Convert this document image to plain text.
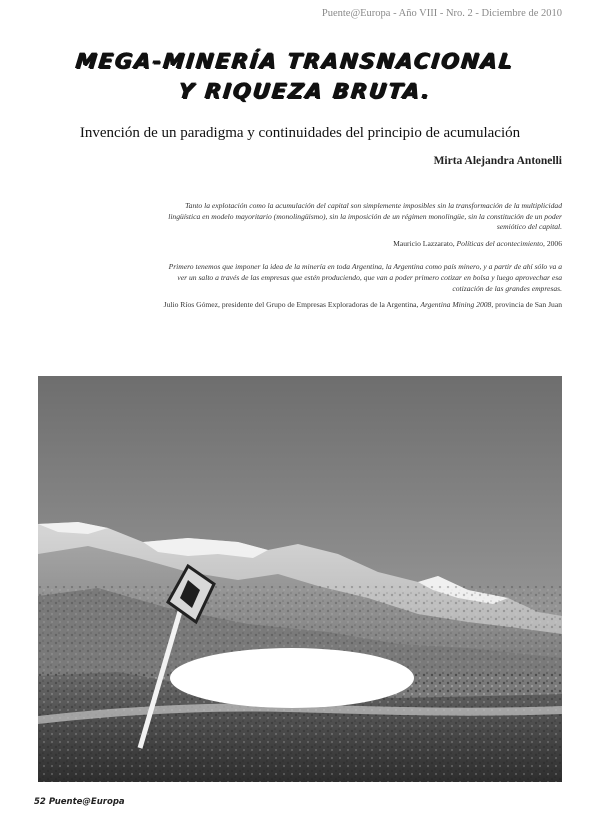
Puente@Europa - Año VIII - Nro. 2 - Diciembre de 2010
MEGA-MINERÍA TRANSNACIONAL
Y RIQUEZA BRUTA.
Invención de un paradigma y continuidades del principio de acumulación
Mirta Alejandra Antonelli

Tanto la explotación como la acumulación del capital son simplemente imposibles sin la transformación de la multiplicidad lingüística en modelo mayoritario (monolingüismo), sin la imposición de un régimen monolingüe, sin la constitución de un poder semiótico del capital.

Mauricio Lazzarato, Políticas del acontecimiento, 2006

Primero tenemos que imponer la idea de la minería en toda Argentina, la Argentina como país minero, y a partir de ahí sólo va a ver un salto a través de las empresas que estén produciendo, que van a poder primero cotizar en bolsa y luego aprovechar esa cotización de las grandes empresas.

Julio Ríos Gómez, presidente del Grupo de Empresas Exploradoras de la Argentina, Argentina Mining 2008, provincia de San Juan

52 Puente@Europa
